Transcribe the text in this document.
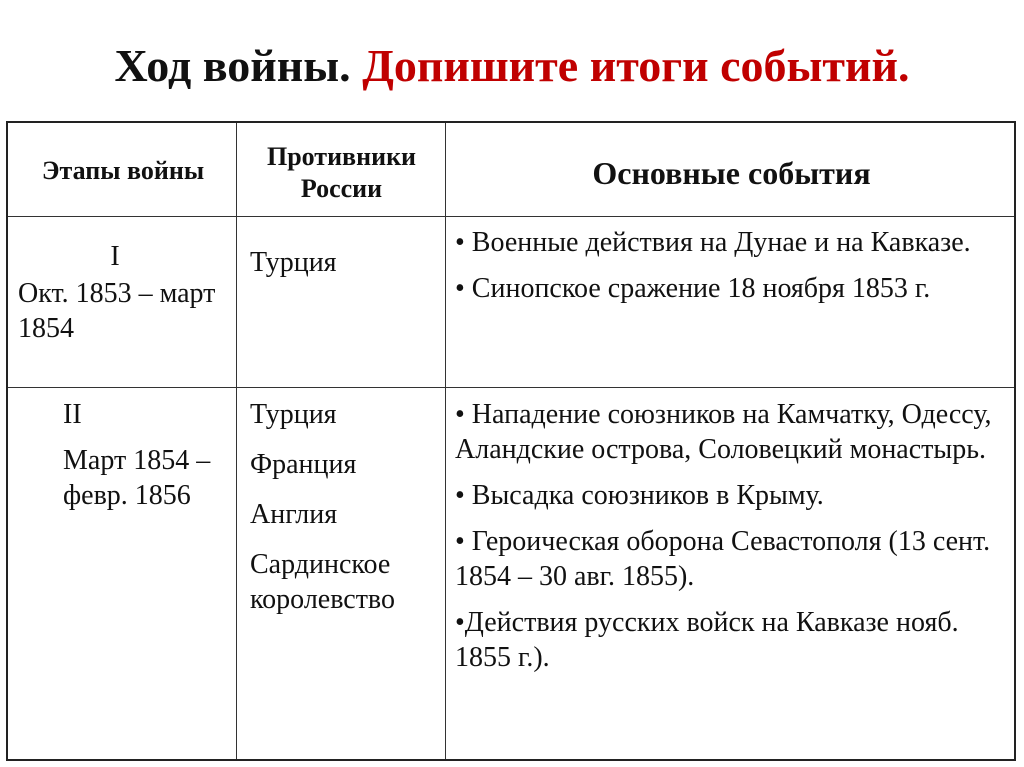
Ход войны. Допишите итоги событий.
Этапы войны	Противники России	Основные события

I

Окт. 1853 – март 1854

Турция

• Военные действия на Дунае и на Кавказе.

• Синопское сражение 18 ноября 1853 г.

II

Март 1854 – февр. 1856

Турция

Франция

Англия

Сардинское королевство

• Нападение союзников на Камчатку, Одессу, Аландские острова, Соловецкий монастырь.

• Высадка союзников в Крыму.

• Героическая оборона Севастополя (13 сент. 1854 – 30 авг. 1855).

•Действия русских войск на Кавказе нояб. 1855 г.).
